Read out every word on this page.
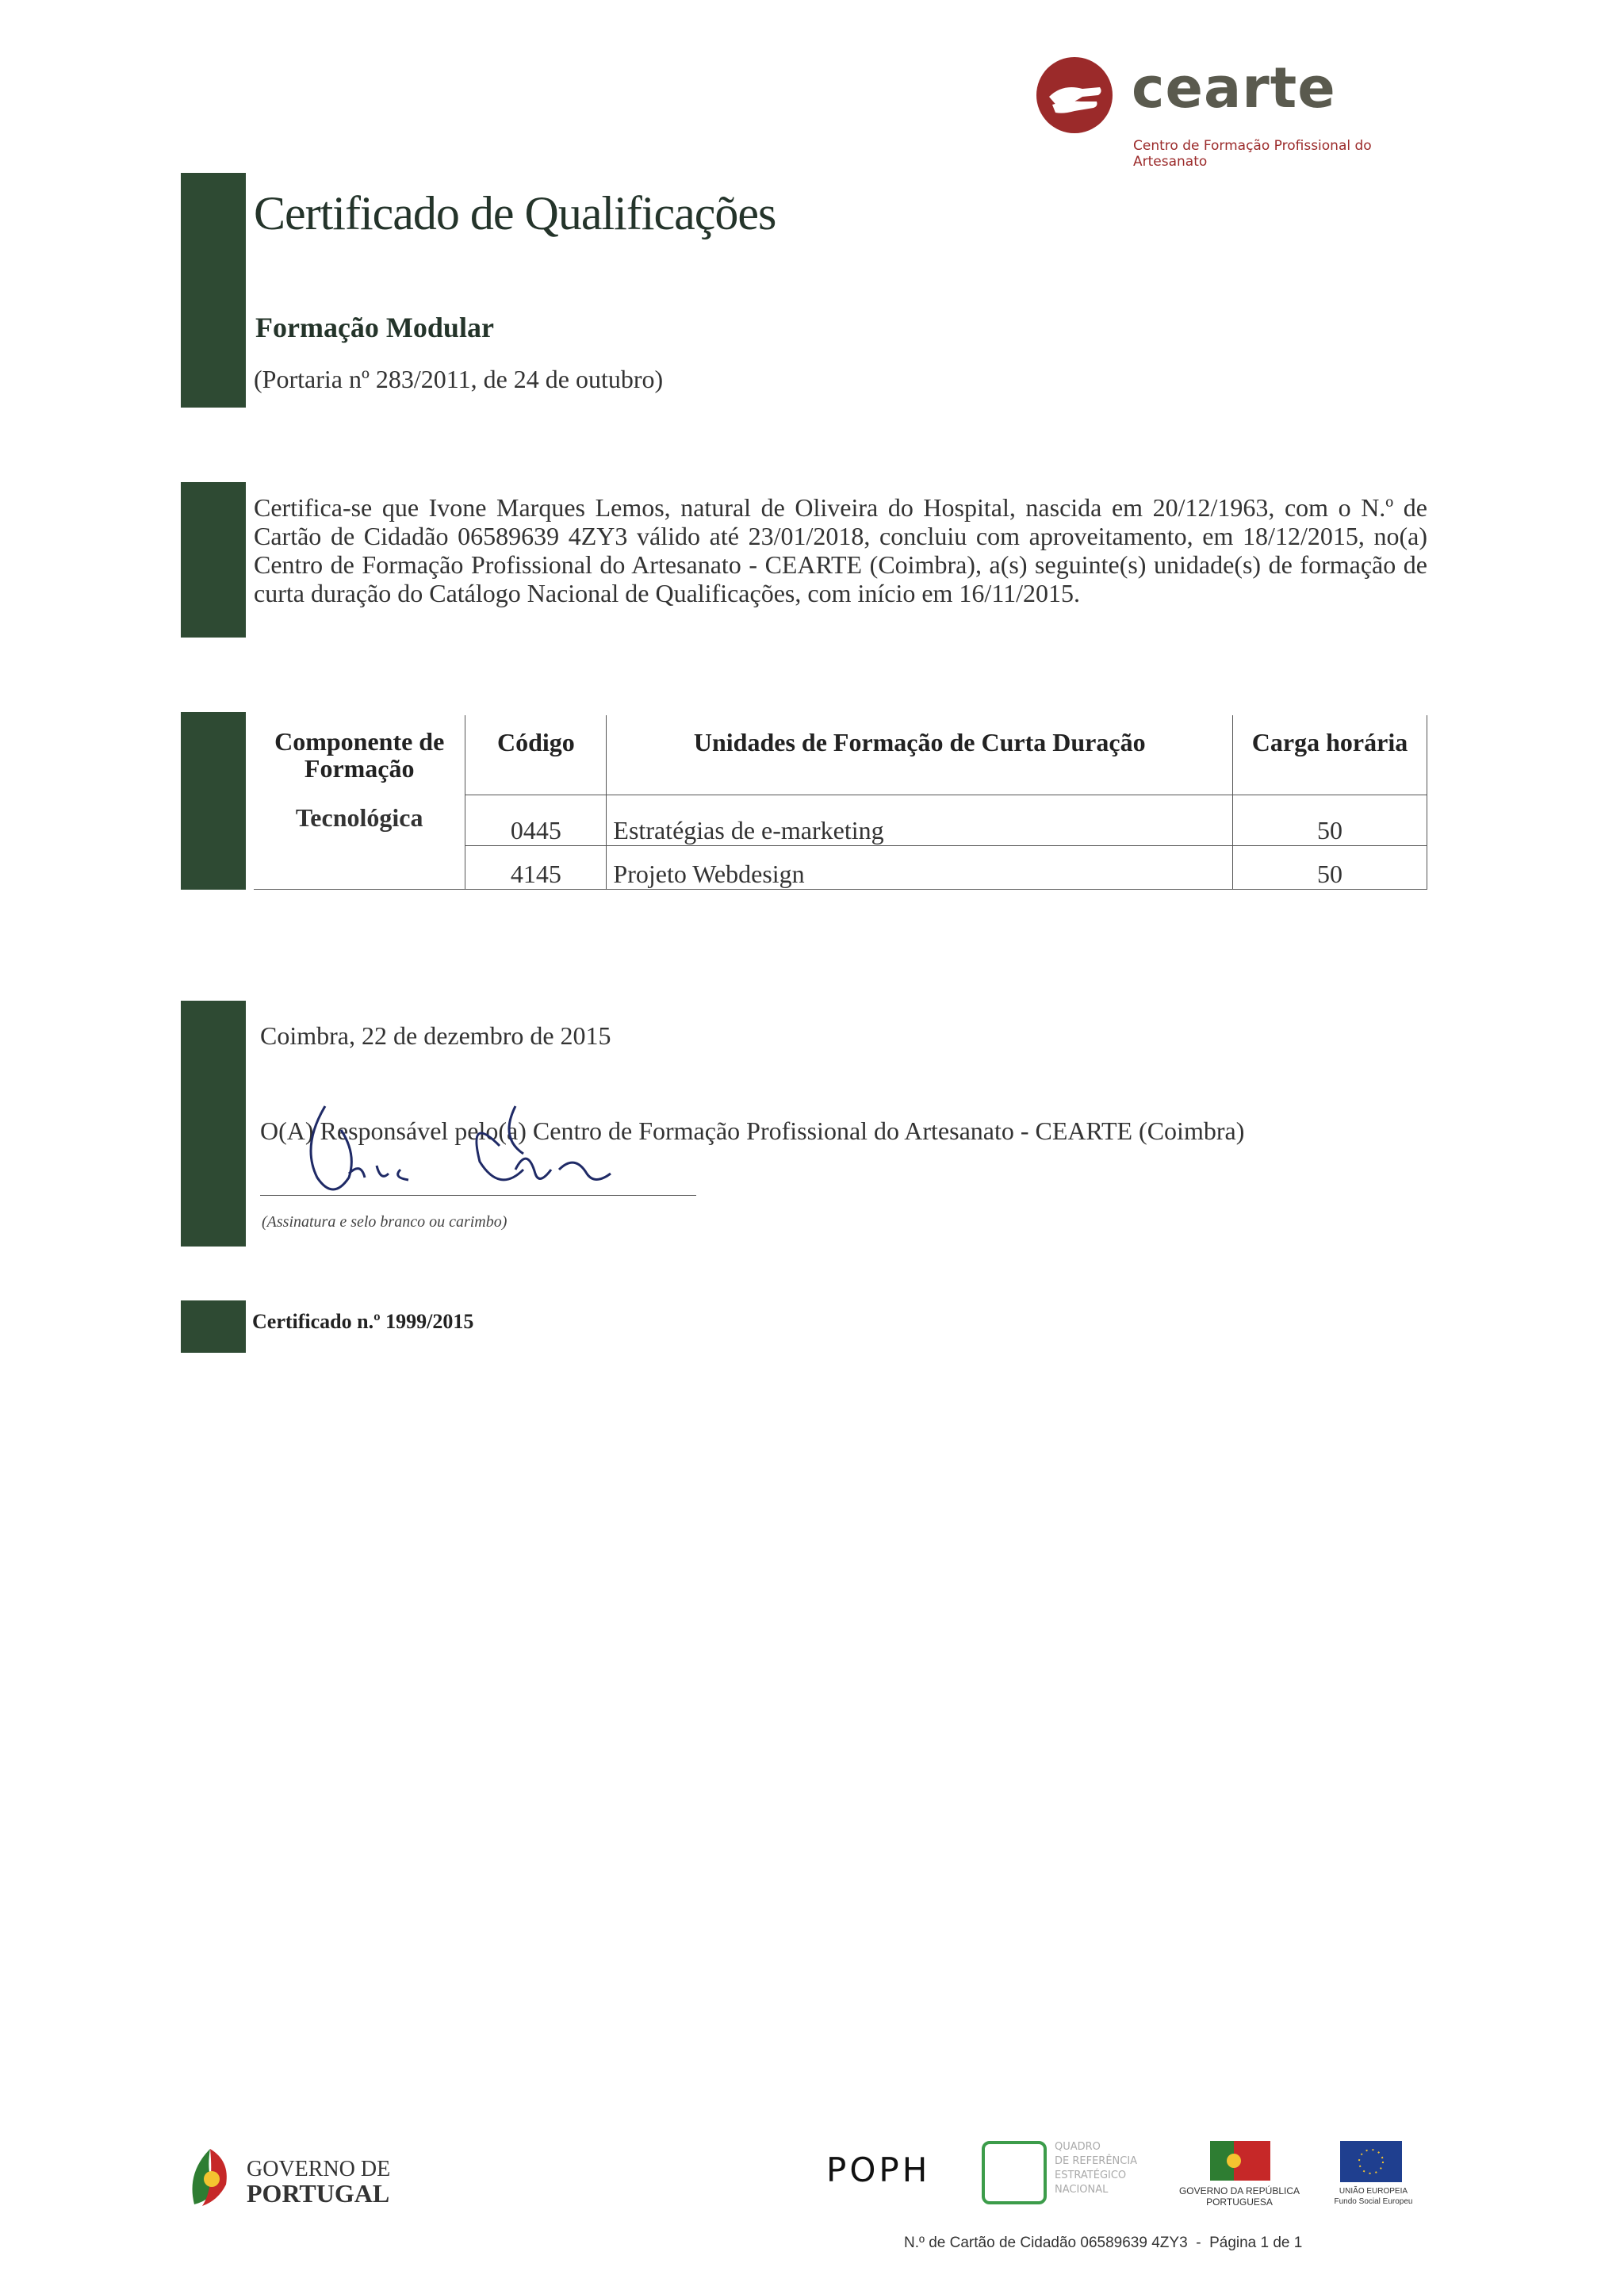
cearte
Centro de Formação Profissional do Artesanato
Certificado de Qualificações
Formação Modular
(Portaria nº 283/2011, de 24 de outubro)
Certifica-se que Ivone Marques Lemos, natural de Oliveira do Hospital, nascida em 20/12/1963, com o N.º de Cartão de Cidadão 06589639 4ZY3 válido até 23/01/2018, concluiu com aproveitamento, em 18/12/2015, no(a) Centro de Formação Profissional do Artesanato - CEARTE (Coimbra), a(s) seguinte(s) unidade(s) de formação de curta duração do Catálogo Nacional de Qualificações, com início em 16/11/2015.
Componente de Formação	Código	Unidades de Formação de Curta Duração	Carga horária
Tecnológica	0445	Estratégias de e-marketing	50
	4145	Projeto Webdesign	50
Coimbra, 22 de dezembro de 2015
O(A) Responsável pelo(a) Centro de Formação Profissional do Artesanato - CEARTE (Coimbra)
(Assinatura e selo branco ou carimbo)
Certificado n.º 1999/2015
GOVERNO DE
PORTUGAL
POPH
QUADRO
DE REFERÊNCIA
ESTRATÉGICO
NACIONAL	GOVERNO DA REPÚBLICA
PORTUGUESA
UNIÃO EUROPEIA
Fundo Social Europeu
N.º de Cartão de Cidadão 06589639 4ZY3  -  Página 1 de 1
